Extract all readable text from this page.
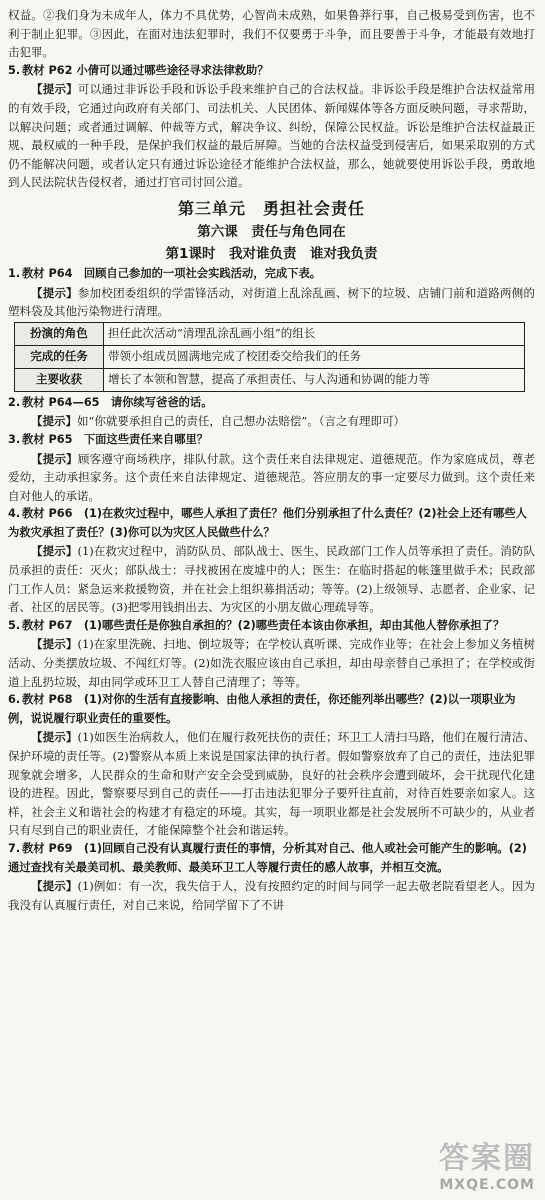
权益。②我们身为未成年人，体力不具优势，心智尚未成熟，如果鲁莽行事，自己极易受到伤害，也不利于制止犯罪。③因此，在面对违法犯罪时，我们不仅要勇于斗争，而且要善于斗争，才能最有效地打击犯罪。

5. 教材 P62 小倩可以通过哪些途径寻求法律救助？

【提示】可以通过非诉讼手段和诉讼手段来维护自己的合法权益。非诉讼手段是维护合法权益常用的有效手段，它通过向政府有关部门、司法机关、人民团体、新闻媒体等各方面反映问题，寻求帮助，以解决问题；或者通过调解、仲裁等方式，解决争议、纠纷，保障公民权益。诉讼是维护合法权益最正规、最权威的一种手段，是保护我们权益的最后屏障。当她的合法权益受到侵害后，如果采取别的方式仍不能解决问题，或者认定只有通过诉讼途径才能维护合法权益，那么，她就要使用诉讼手段，勇敢地到人民法院状告侵权者，通过打官司讨回公道。

第三单元　勇担社会责任

第六课　责任与角色同在

第1课时　我对谁负责　谁对我负责

1. 教材 P64　回顾自己参加的一项社会实践活动，完成下表。

【提示】参加校团委组织的学雷锋活动，对街道上乱涂乱画、树下的垃圾、店铺门前和道路两侧的塑料袋及其他污染物进行清理。

扮演的角色	担任此次活动“清理乱涂乱画小组”的组长
完成的任务	带领小组成员圆满地完成了校团委交给我们的任务
主要收获	增长了本领和智慧，提高了承担责任、与人沟通和协调的能力等

2. 教材 P64—65　请你续写爸爸的话。

【提示】如“你就要承担自己的责任，自己想办法赔偿”。（言之有理即可）

3. 教材 P65　下面这些责任来自哪里？

【提示】顾客遵守商场秩序，排队付款。这个责任来自法律规定、道德规范。作为家庭成员，尊老爱幼，主动承担家务。这个责任来自法律规定、道德规范。答应朋友的事一定要尽力做到。这个责任来自对他人的承诺。

4. 教材 P66　(1)在救灾过程中，哪些人承担了责任？他们分别承担了什么责任？(2)社会上还有哪些人为救灾承担了责任？(3)你可以为灾区人民做些什么？

【提示】(1)在救灾过程中，消防队员、部队战士、医生、民政部门工作人员等承担了责任。消防队员承担的责任：灭火；部队战士：寻找被困在废墟中的人；医生：在临时搭起的帐篷里做手术；民政部门工作人员：紧急运来救援物资，并在社会上组织募捐活动；等等。(2)上级领导、志愿者、企业家、记者、社区的居民等。(3)把零用钱捐出去、为灾区的小朋友做心理疏导等。

5. 教材 P67　(1)哪些责任是你独自承担的？(2)哪些责任本该由你承担，却由其他人替你承担了？

【提示】(1)在家里洗碗、扫地、倒垃圾等；在学校认真听课、完成作业等；在社会上参加义务植树活动、分类摆放垃圾、不闯红灯等。(2)如洗衣服应该由自己承担，却由母亲替自己承担了；在学校或街道上乱扔垃圾，却由同学或环卫工人替自己清理了；等等。

6. 教材 P68　(1)对你的生活有直接影响、由他人承担的责任，你还能列举出哪些？(2)以一项职业为例，说说履行职业责任的重要性。

【提示】(1)如医生治病救人，他们在履行救死扶伤的责任；环卫工人清扫马路，他们在履行清洁、保护环境的责任等。(2)警察从本质上来说是国家法律的执行者。假如警察放弃了自己的责任，违法犯罪现象就会增多，人民群众的生命和财产安全会受到威胁，良好的社会秩序会遭到破坏，会干扰现代化建设的进程。因此，警察要尽到自己的责任——打击违法犯罪分子要歼往直前，对待百姓要亲如家人。这样，社会主义和谐社会的构建才有稳定的环境。其实，每一项职业都是社会发展所不可缺少的，从业者只有尽到自己的职业责任，才能保障整个社会和谐运转。

7. 教材 P69　(1)回顾自己没有认真履行责任的事情，分析其对自己、他人或社会可能产生的影响。(2)通过查找有关最美司机、最美教师、最美环卫工人等履行责任的感人故事，并相互交流。

【提示】(1)例如：有一次，我失信于人，没有按照约定的时间与同学一起去敬老院看望老人。因为我没有认真履行责任，对自己来说，给同学留下了不讲

答案圈
MXQE.COM
